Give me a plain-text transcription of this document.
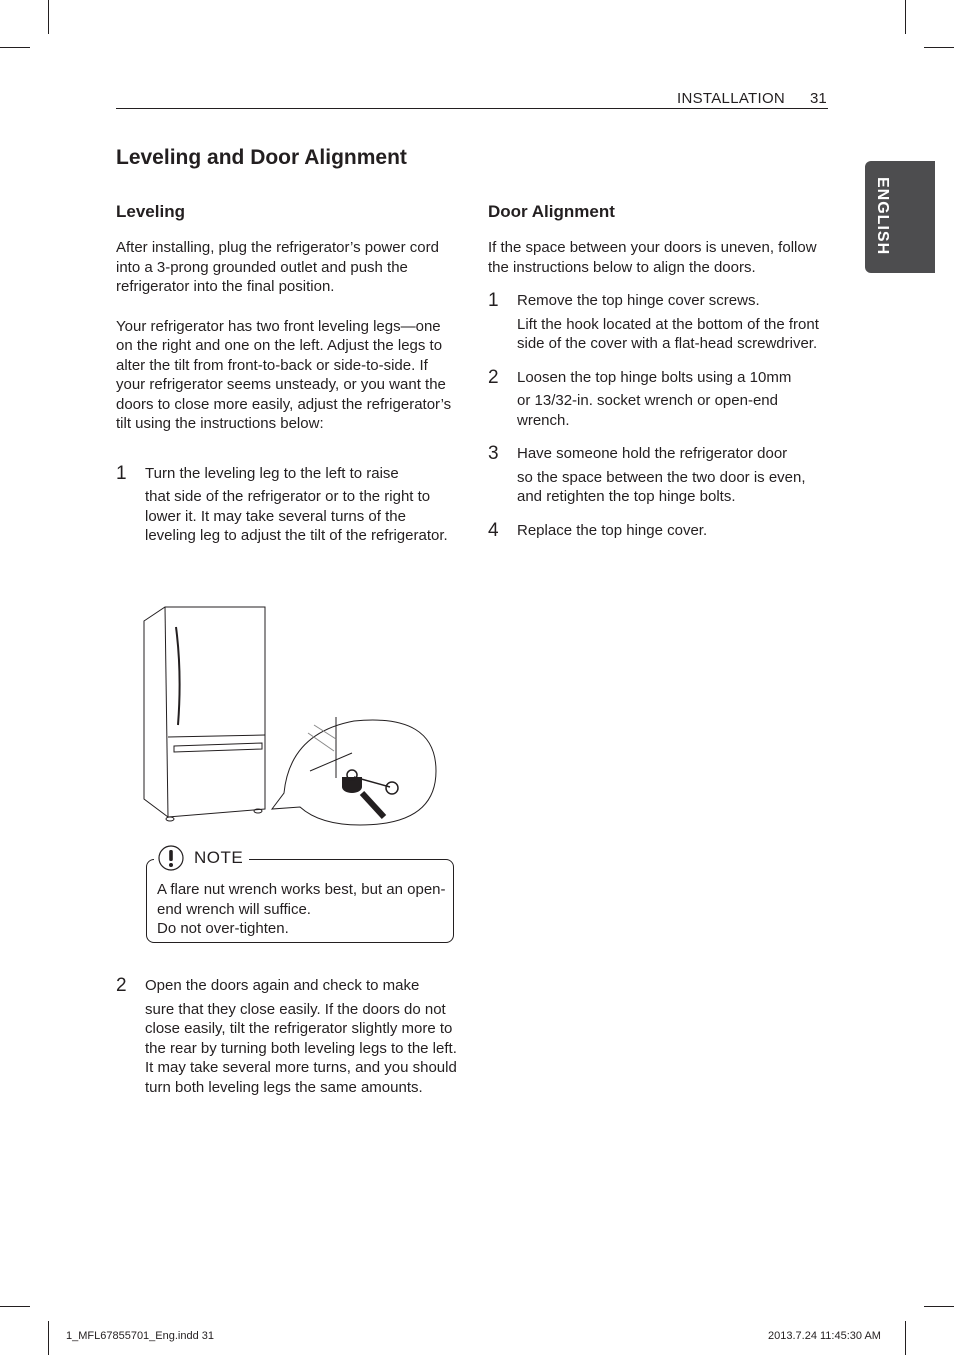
INSTALLATION 31
ENGLISH
Leveling and Door Alignment
Leveling

After installing, plug the refrigerator’s power cord into a 3-prong grounded outlet and push the refrigerator into the final position.

Your refrigerator has two front leveling legs—one on the right and one on the left. Adjust the legs to alter the tilt from front-to-back or side-to-side. If your refrigerator seems unsteady, or you want the doors to close more easily, adjust the refrigerator’s tilt using the instructions below:

1 Turn the leveling leg to the left to raise
that side of the refrigerator or to the right to lower it. It may take several turns of the leveling leg to adjust the tilt of the refrigerator.
NOTE
A flare nut wrench works best, but an open-end wrench will suffice.
Do not over-tighten.
2 Open the doors again and check to make
sure that they close easily. If the doors do not close easily, tilt the refrigerator slightly more to the rear by turning both leveling legs to the left. It may take several more turns, and you should turn both leveling legs the same amounts.
Door Alignment

If the space between your doors is uneven, follow the instructions below to align the doors.

1 Remove the top hinge cover screws.
Lift the hook located at the bottom of the front side of the cover with a flat-head screwdriver.
2 Loosen the top hinge bolts using a 10mm
or 13/32-in. socket wrench or open-end wrench.
3 Have someone hold the refrigerator door
so the space between the two door is even, and retighten the top hinge bolts.
4 Replace the top hinge cover.
1_MFL67855701_Eng.indd 31	2013.7.24 11:45:30 AM
